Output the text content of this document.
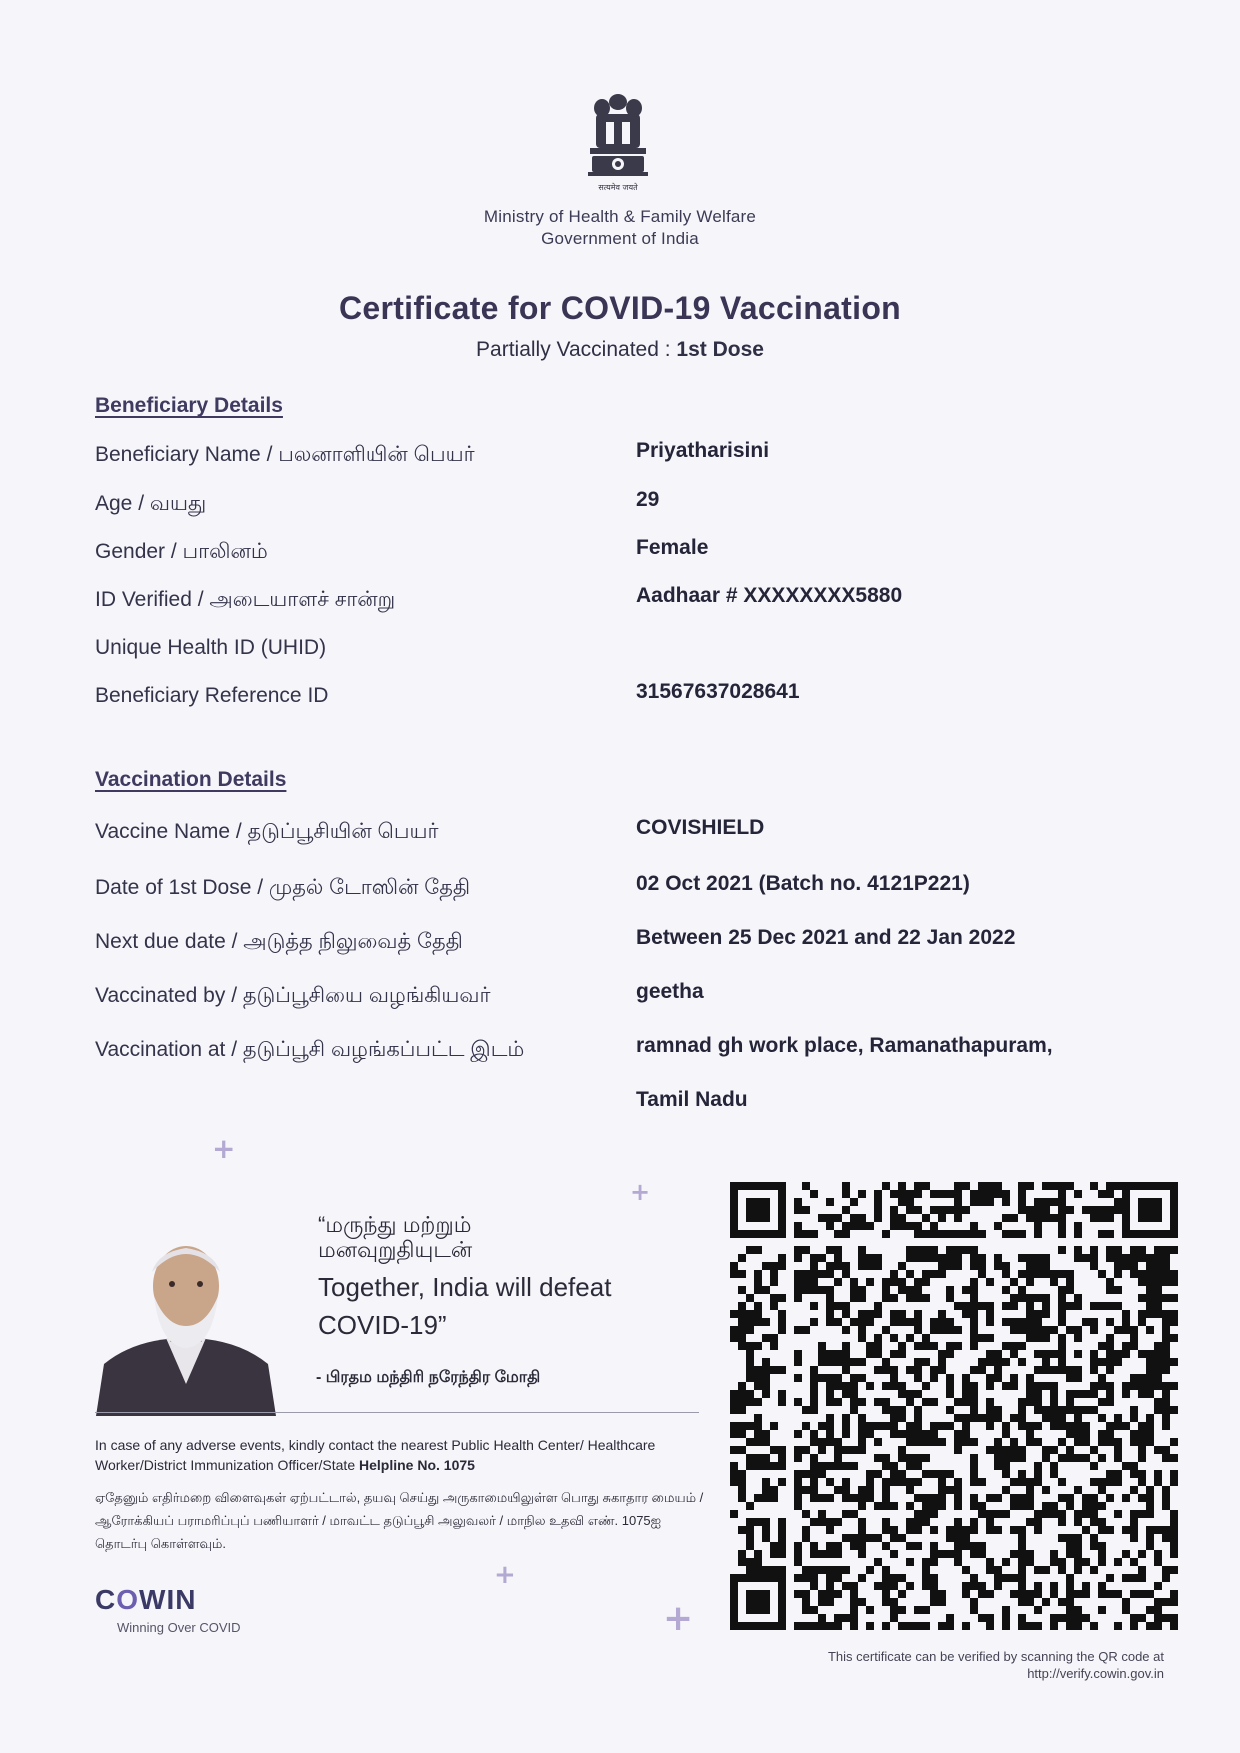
सत्यमेव जयते
Ministry of Health & Family Welfare
Government of India
Certificate for COVID-19 Vaccination
Partially Vaccinated : 1st Dose
Beneficiary Details
Beneficiary Name / பலனாளியின் பெயர்	Priyatharisini
Age / வயது	29
Gender / பாலினம்	Female
ID Verified / அடையாளச் சான்று	Aadhaar # XXXXXXXX5880
Unique Health ID (UHID)
Beneficiary Reference ID	31567637028641
Vaccination Details
Vaccine Name / தடுப்பூசியின் பெயர்	COVISHIELD
Date of 1st Dose / முதல் டோஸின் தேதி	02 Oct 2021 (Batch no. 4121P221)
Next due date / அடுத்த நிலுவைத் தேதி	Between 25 Dec 2021 and 22 Jan 2022
Vaccinated by / தடுப்பூசியை வழங்கியவர்	geetha
Vaccination at / தடுப்பூசி வழங்கப்பட்ட இடம்	ramnad gh work place, Ramanathapuram,
Tamil Nadu
+
+
+
+
“மருந்து மற்றும்
மனவுறுதியுடன்
Together, India will defeat
COVID-19”
- பிரதம மந்திரி நரேந்திர மோதி
In case of any adverse events, kindly contact the nearest Public Health Center/ Healthcare Worker/District Immunization Officer/State Helpline No. 1075
ஏதேனும் எதிர்மறை விளைவுகள் ஏற்பட்டால், தயவு செய்து அருகாமையிலுள்ள பொது சுகாதார மையம் / ஆரோக்கியப் பராமரிப்புப் பணியாளர் / மாவட்ட தடுப்பூசி அலுவலர் / மாநில உதவி எண். 1075ஐ தொடர்பு கொள்ளவும்.
COWIN
Winning Over COVID
This certificate can be verified by scanning the QR code at
http://verify.cowin.gov.in
